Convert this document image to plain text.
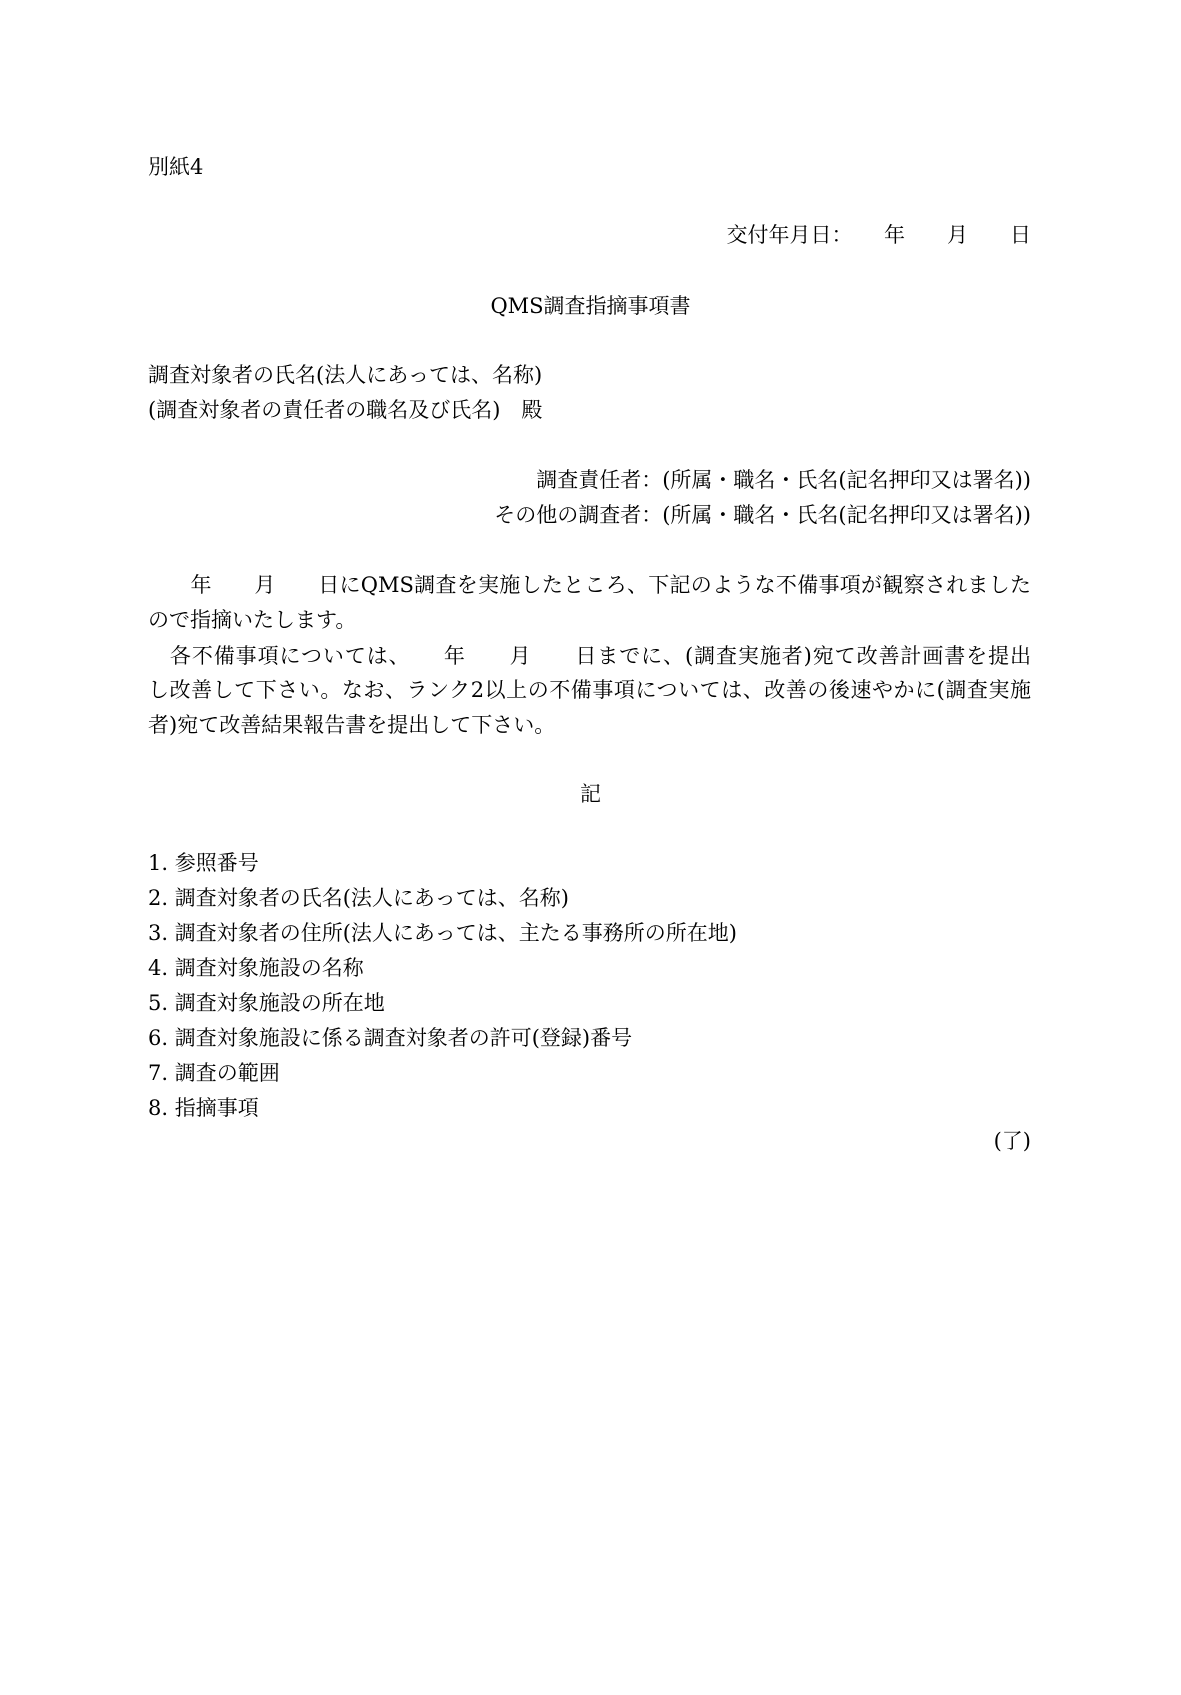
別紙4
交付年月日：　　年　　月　　日
QMS調査指摘事項書
調査対象者の氏名(法人にあっては、名称)
(調査対象者の責任者の職名及び氏名)　殿
調査責任者：(所属・職名・氏名(記名押印又は署名))
その他の調査者：(所属・職名・氏名(記名押印又は署名))
　　年　　月　　日にQMS調査を実施したところ、下記のような不備事項が観察されました
ので指摘いたします。
　各不備事項については、　　年　　月　　日までに、(調査実施者)宛て改善計画書を提出
し改善して下さい。なお、ランク2以上の不備事項については、改善の後速やかに(調査実施
者)宛て改善結果報告書を提出して下さい。
記
1. 参照番号
2. 調査対象者の氏名(法人にあっては、名称)
3. 調査対象者の住所(法人にあっては、主たる事務所の所在地)
4. 調査対象施設の名称
5. 調査対象施設の所在地
6. 調査対象施設に係る調査対象者の許可(登録)番号
7. 調査の範囲
8. 指摘事項
(了)
